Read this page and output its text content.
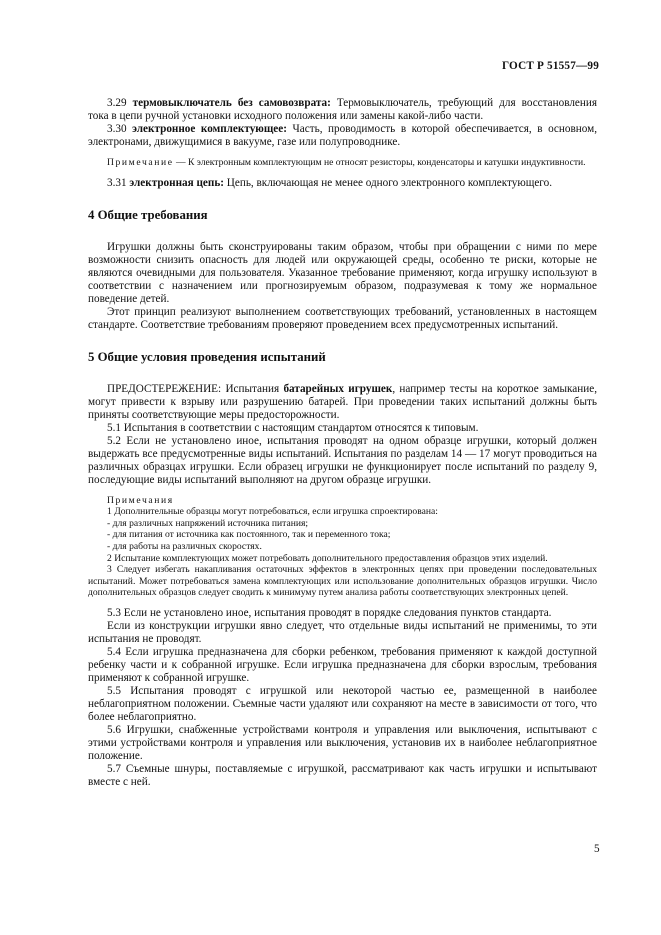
ГОСТ Р 51557—99

3.29 термовыключатель без самовозврата: Термовыключатель, требующий для восстановления тока в цепи ручной установки исходного положения или замены какой-либо части.

3.30 электронное комплектующее: Часть, проводимость в которой обеспечивается, в основном, электронами, движущимися в вакууме, газе или полупроводнике.

Примечание — К электронным комплектующим не относят резисторы, конденсаторы и катушки индуктивности.

3.31 электронная цепь: Цепь, включающая не менее одного электронного комплектующего.

4 Общие требования

Игрушки должны быть сконструированы таким образом, чтобы при обращении с ними по мере возможности снизить опасность для людей или окружающей среды, особенно те риски, которые не являются очевидными для пользователя. Указанное требование применяют, когда игрушку используют в соответствии с назначением или прогнозируемым образом, подразумевая к тому же нормальное поведение детей.

Этот принцип реализуют выполнением соответствующих требований, установленных в настоящем стандарте. Соответствие требованиям проверяют проведением всех предусмотренных испытаний.

5 Общие условия проведения испытаний

ПРЕДОСТЕРЕЖЕНИЕ: Испытания батарейных игрушек, например тесты на короткое замыкание, могут привести к взрыву или разрушению батарей. При проведении таких испытаний должны быть приняты соответствующие меры предосторожности.

5.1 Испытания в соответствии с настоящим стандартом относятся к типовым.

5.2 Если не установлено иное, испытания проводят на одном образце игрушки, который должен выдержать все предусмотренные виды испытаний. Испытания по разделам 14 — 17 могут проводиться на различных образцах игрушки. Если образец игрушки не функционирует после испытаний по разделу 9, последующие виды испытаний выполняют на другом образце игрушки.

Примечания

1 Дополнительные образцы могут потребоваться, если игрушка спроектирована:

- для различных напряжений источника питания;

- для питания от источника как постоянного, так и переменного тока;

- для работы на различных скоростях.

2 Испытание комплектующих может потребовать дополнительного предоставления образцов этих изделий.

3 Следует избегать накапливания остаточных эффектов в электронных цепях при проведении последовательных испытаний. Может потребоваться замена комплектующих или использование дополнительных образцов игрушки. Число дополнительных образцов следует сводить к минимуму путем анализа работы соответствующих электронных цепей.

5.3 Если не установлено иное, испытания проводят в порядке следования пунктов стандарта.

Если из конструкции игрушки явно следует, что отдельные виды испытаний не применимы, то эти испытания не проводят.

5.4 Если игрушка предназначена для сборки ребенком, требования применяют к каждой доступной ребенку части и к собранной игрушке. Если игрушка предназначена для сборки взрослым, требования применяют к собранной игрушке.

5.5 Испытания проводят с игрушкой или некоторой частью ее, размещенной в наиболее неблагоприятном положении. Съемные части удаляют или сохраняют на месте в зависимости от того, что более неблагоприятно.

5.6 Игрушки, снабженные устройствами контроля и управления или выключения, испытывают с этими устройствами контроля и управления или выключения, установив их в наиболее неблагоприятное положение.

5.7 Съемные шнуры, поставляемые с игрушкой, рассматривают как часть игрушки и испытывают вместе с ней.

5
